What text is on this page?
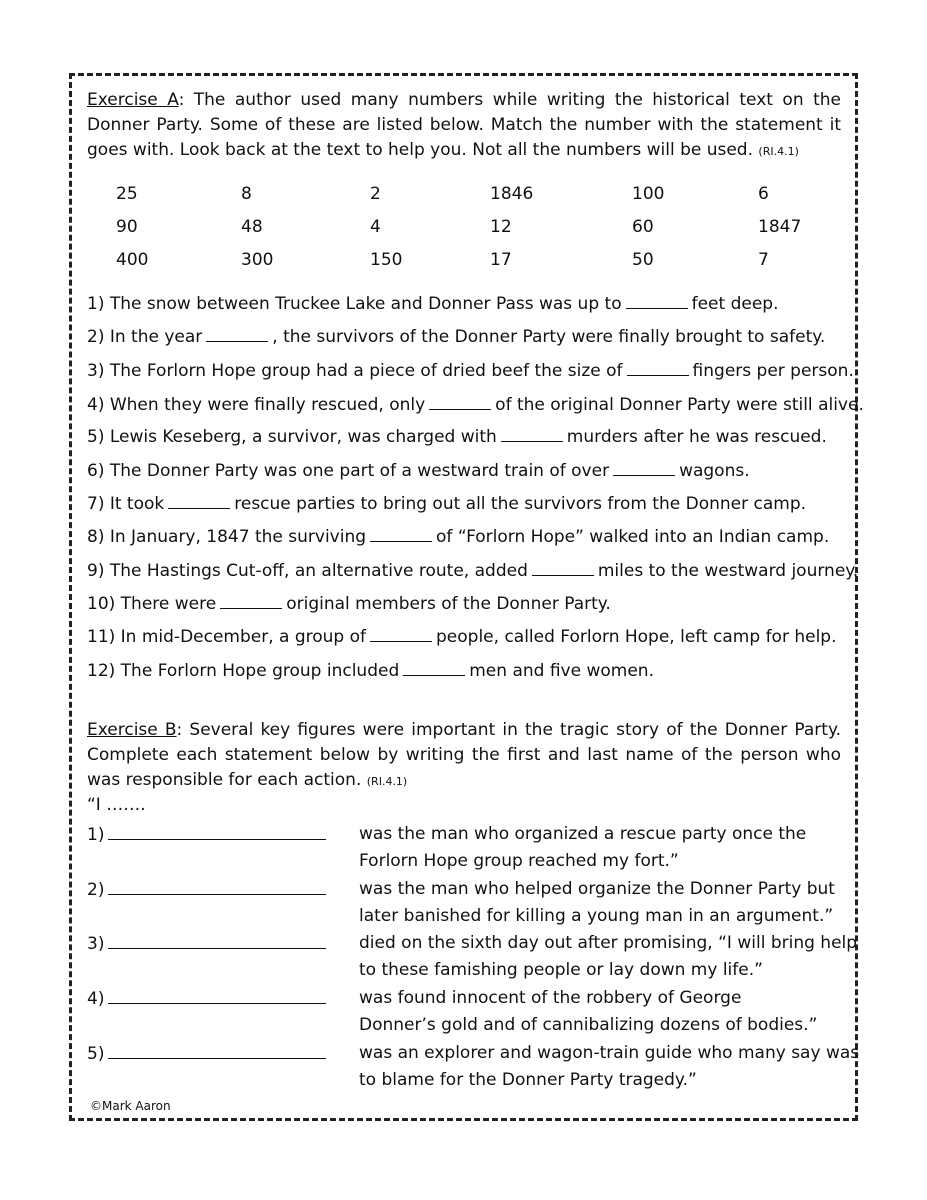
Exercise A: The author used many numbers while writing the historical text on the Donner Party. Some of these are listed below. Match the number with the statement it goes with. Look back at the text to help you. Not all the numbers will be used. (RI.4.1)

25	8	2	1846	100	6
90	48	4	12	60	1847
400	300	150	17	50	7
1) The snow between Truckee Lake and Donner Pass was up to	feet deep.
2) In the year	, the survivors of the Donner Party were finally brought to safety.
3) The Forlorn Hope group had a piece of dried beef the size of	fingers per person.
4) When they were finally rescued, only	of the original Donner Party were still alive.
5) Lewis Keseberg, a survivor, was charged with	murders after he was rescued.
6) The Donner Party was one part of a westward train of over	wagons.
7) It took	rescue parties to bring out all the survivors from the Donner camp.
8) In January, 1847 the surviving	of “Forlorn Hope” walked into an Indian camp.
9) The Hastings Cut-off, an alternative route, added	miles to the westward journey.
10) There were	original members of the Donner Party.
11) In mid-December, a group of	people, called Forlorn Hope, left camp for help.
12) The Forlorn Hope group included	men and five women.

Exercise B: Several key figures were important in the tragic story of the Donner Party. Complete each statement below by writing the first and last name of the person who was responsible for each action. (RI.4.1)

“I …….
1)	was the man who organized a rescue party once the
Forlorn Hope group reached my fort.”
2)	was the man who helped organize the Donner Party but
later banished for killing a young man in an argument.”
3)	died on the sixth day out after promising, “I will bring help
to these famishing people or lay down my life.”
4)	was found innocent of the robbery of George
Donner’s gold and of cannibalizing dozens of bodies.”
5)	was an explorer and wagon-train guide who many say was
to blame for the Donner Party tragedy.”
©Mark Aaron
